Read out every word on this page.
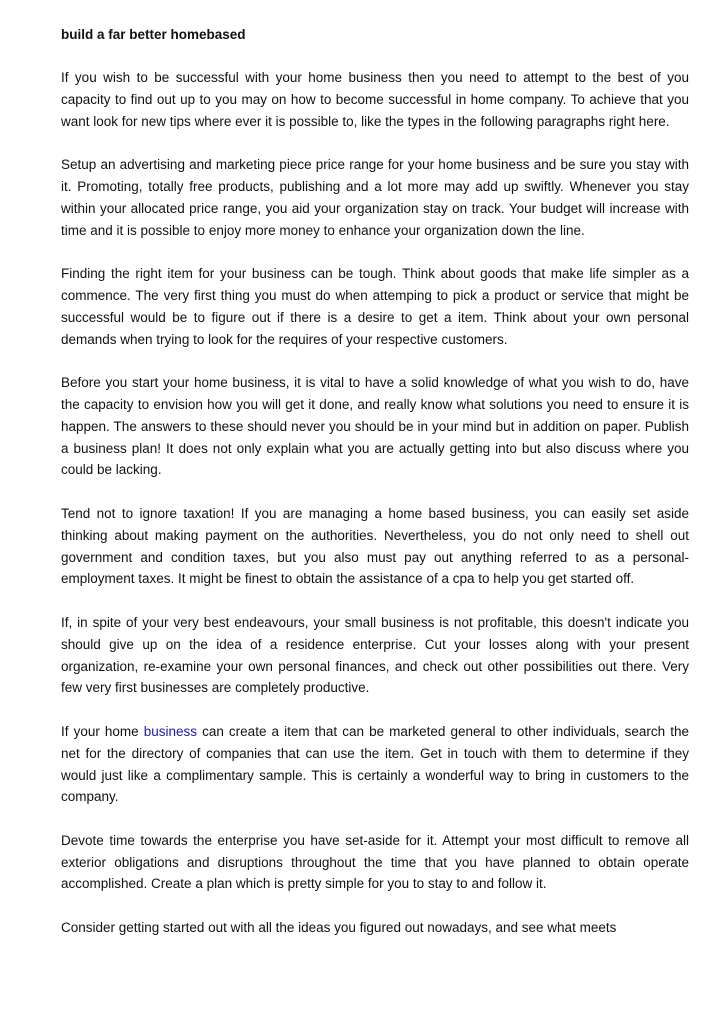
build a far better homebased

If you wish to be successful with your home business then you need to attempt to the best of you capacity to find out up to you may on how to become successful in home company. To achieve that you want look for new tips where ever it is possible to, like the types in the following paragraphs right here.

Setup an advertising and marketing piece price range for your home business and be sure you stay with it. Promoting, totally free products, publishing and a lot more may add up swiftly. Whenever you stay within your allocated price range, you aid your organization stay on track. Your budget will increase with time and it is possible to enjoy more money to enhance your organization down the line.

Finding the right item for your business can be tough. Think about goods that make life simpler as a commence. The very first thing you must do when attemping to pick a product or service that might be successful would be to figure out if there is a desire to get a item. Think about your own personal demands when trying to look for the requires of your respective customers.

Before you start your home business, it is vital to have a solid knowledge of what you wish to do, have the capacity to envision how you will get it done, and really know what solutions you need to ensure it is happen. The answers to these should never you should be in your mind but in addition on paper. Publish a business plan! It does not only explain what you are actually getting into but also discuss where you could be lacking.

Tend not to ignore taxation! If you are managing a home based business, you can easily set aside thinking about making payment on the authorities. Nevertheless, you do not only need to shell out government and condition taxes, but you also must pay out anything referred to as a personal-employment taxes. It might be finest to obtain the assistance of a cpa to help you get started off.

If, in spite of your very best endeavours, your small business is not profitable, this doesn't indicate you should give up on the idea of a residence enterprise. Cut your losses along with your present organization, re-examine your own personal finances, and check out other possibilities out there. Very few very first businesses are completely productive.

If your home business can create a item that can be marketed general to other individuals, search the net for the directory of companies that can use the item. Get in touch with them to determine if they would just like a complimentary sample. This is certainly a wonderful way to bring in customers to the company.

Devote time towards the enterprise you have set-aside for it. Attempt your most difficult to remove all exterior obligations and disruptions throughout the time that you have planned to obtain operate accomplished. Create a plan which is pretty simple for you to stay to and follow it.

Consider getting started out with all the ideas you figured out nowadays, and see what meets
